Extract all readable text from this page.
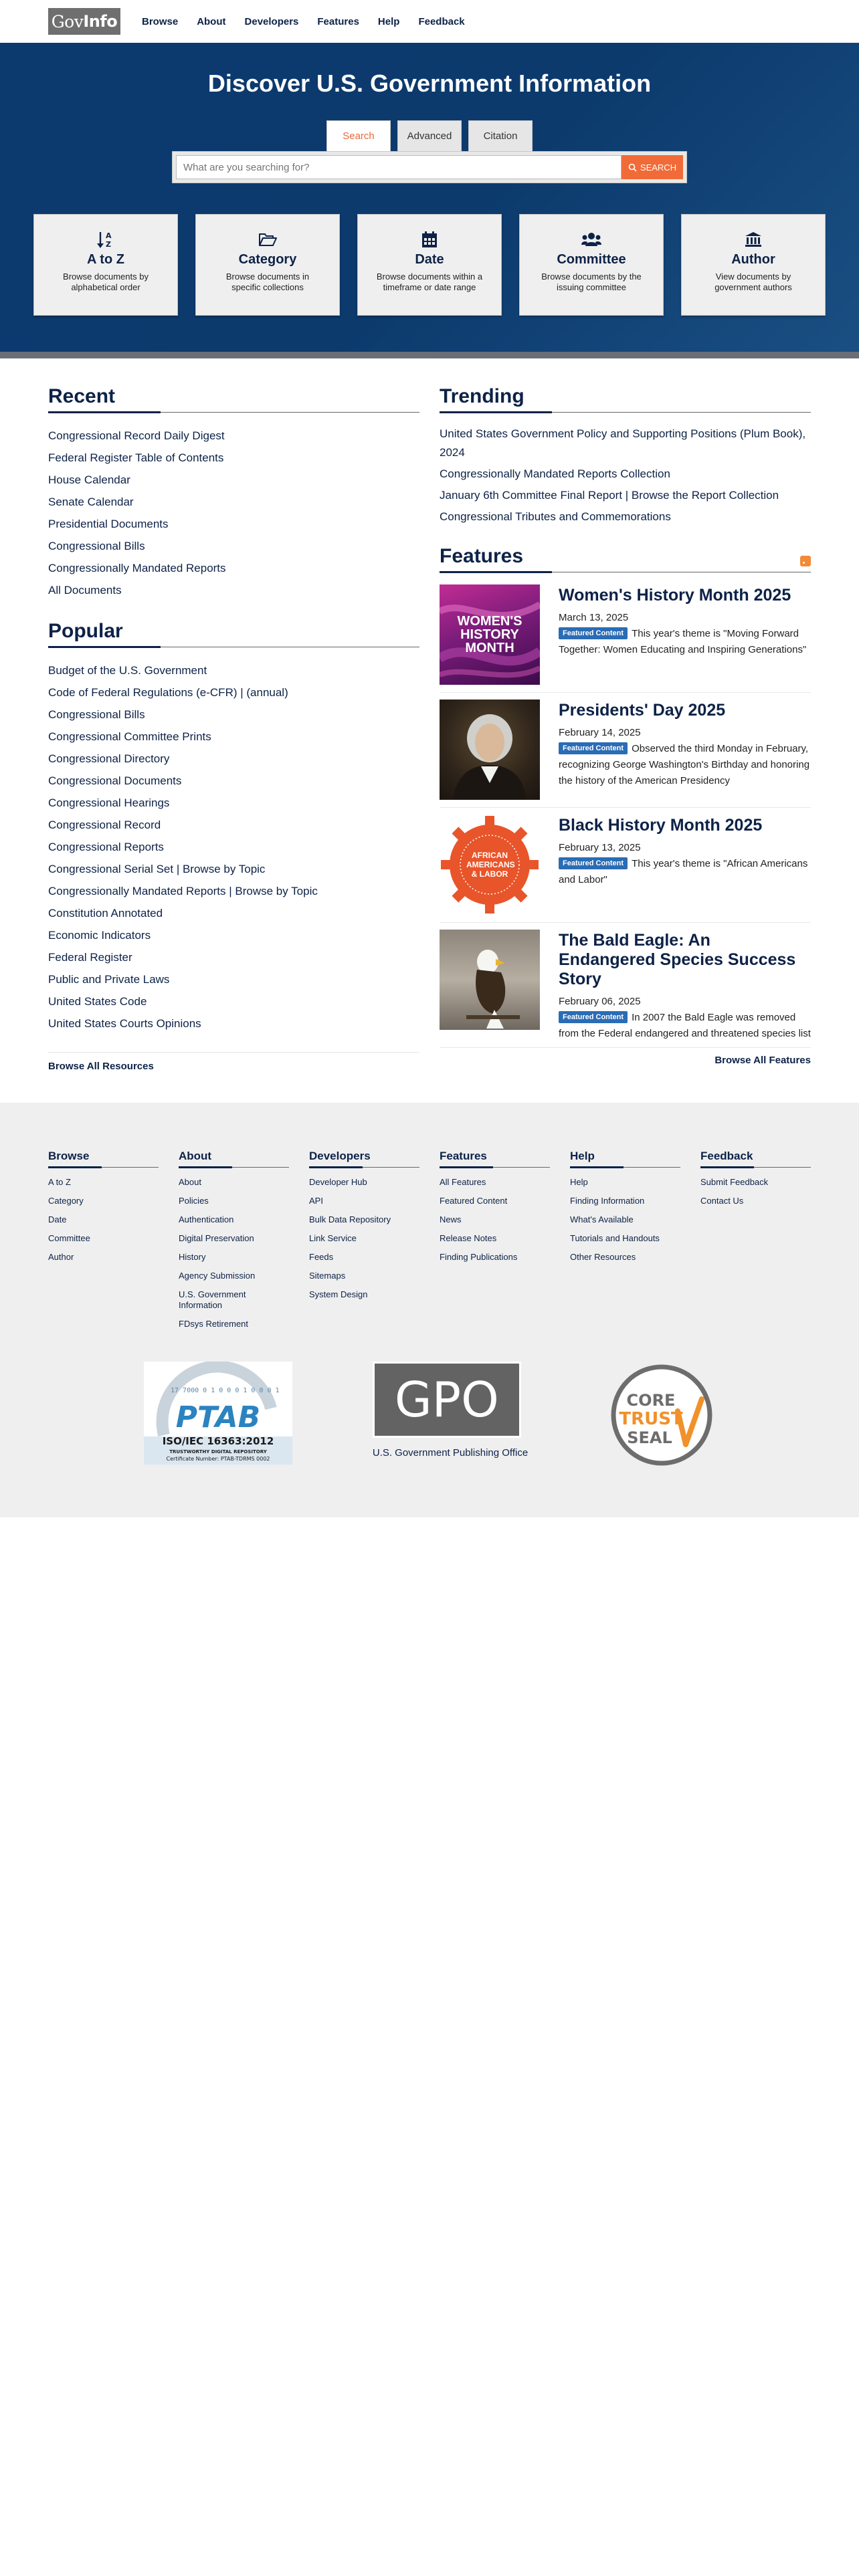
Gov Info Browse About Developers Features Help Feedback
Discover U.S. Government Information
Search	Advanced	Citation
What are you searching for?
SEARCH
A
Z
A to Z
Browse documents by alphabetical order
Category
Browse documents in specific collections
Date
Browse documents within a timeframe or date range
Committee
Browse documents by the issuing committee
Author
View documents by government authors
Recent
Congressional Record Daily Digest
Federal Register Table of Contents
House Calendar
Senate Calendar
Presidential Documents
Congressional Bills
Congressionally Mandated Reports
All Documents
Popular
Budget of the U.S. Government
Code of Federal Regulations (e-CFR) | (annual)
Congressional Bills
Congressional Committee Prints
Congressional Directory
Congressional Documents
Congressional Hearings
Congressional Record
Congressional Reports
Congressional Serial Set | Browse by Topic
Congressionally Mandated Reports | Browse by Topic
Constitution Annotated
Economic Indicators
Federal Register
Public and Private Laws
United States Code
United States Courts Opinions
Browse All Resources
Trending
United States Government Policy and Supporting Positions (Plum Book), 2024
Congressionally Mandated Reports Collection
January 6th Committee Final Report | Browse the Report Collection
Congressional Tributes and Commemorations
Features
WOMEN'S HISTORY MONTH
Women's History Month 2025
March 13, 2025
Featured Content This year's theme is "Moving Forward Together: Women Educating and Inspiring Generations"
Presidents' Day 2025
February 14, 2025
Featured Content Observed the third Monday in February, recognizing George Washington's Birthday and honoring the history of the American Presidency
AFRICAN AMERICANS & LABOR
Black History Month 2025
February 13, 2025
Featured Content This year's theme is "African Americans and Labor"
The Bald Eagle: An Endangered Species Success Story
February 06, 2025
Featured Content In 2007 the Bald Eagle was removed from the Federal endangered and threatened species list
Browse All Features
Browse
A to Z
Category
Date
Committee
Author
About
About
Policies
Authentication
Digital Preservation
History
Agency Submission
U.S. Government Information
FDsys Retirement
Developers
Developer Hub
API
Bulk Data Repository
Link Service
Feeds
Sitemaps
System Design
Features
All Features
Featured Content
News
Release Notes
Finding Publications
Help
Help
Finding Information
What's Available
Tutorials and Handouts
Other Resources
Feedback
Submit Feedback
Contact Us
17 7000 0 1 0 0 0 1 0 0 0 1
PTAB
ISO/IEC 16363:2012
TRUSTWORTHY DIGITAL REPOSITORY
Certificate Number: PTAB-TDRMS 0002
GPO
U.S. Government Publishing Office
CORE
TRUST
SEAL
